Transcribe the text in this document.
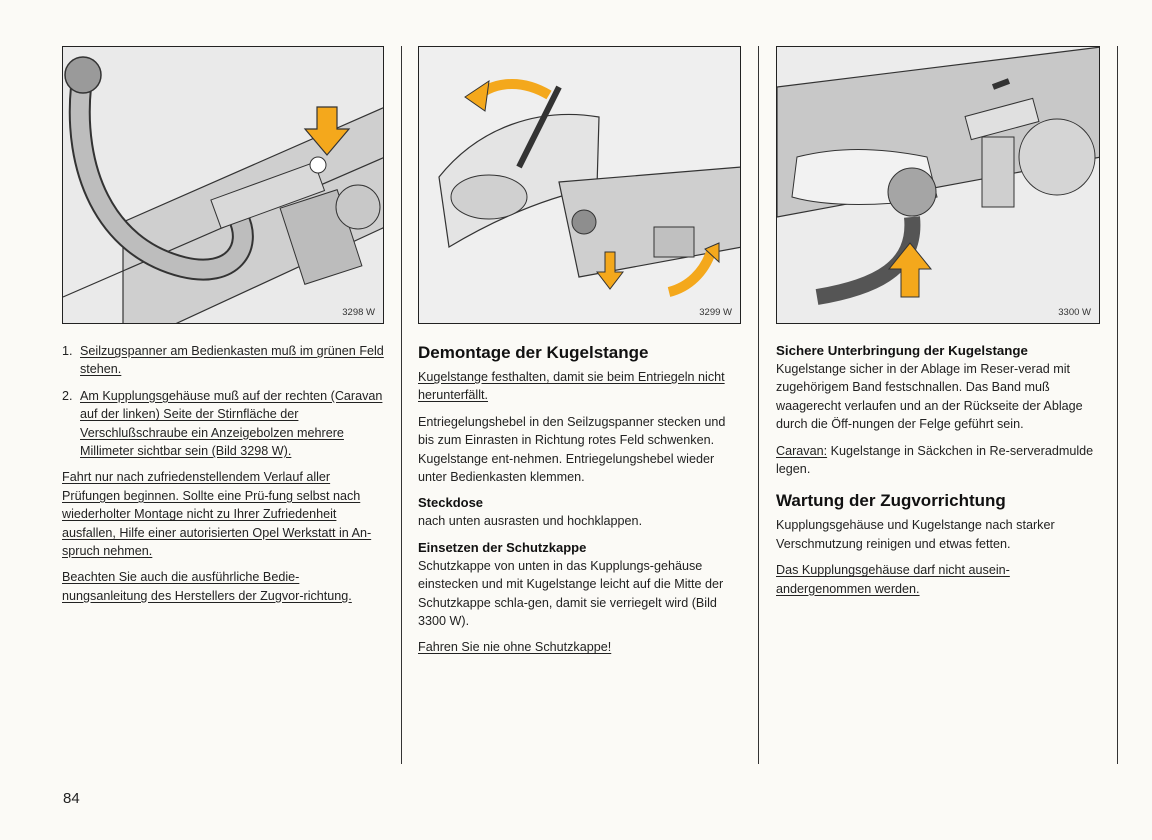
3298 W	3299 W	3300 W
1. Seilzugspanner am Bedienkasten muß im grünen Feld stehen.
2. Am Kupplungsgehäuse muß auf der rechten (Caravan auf der linken) Seite der Stirnfläche der Verschlußschraube ein Anzeigebolzen mehrere Millimeter sichtbar sein (Bild 3298 W).

Fahrt nur nach zufriedenstellendem Verlauf aller Prüfungen beginnen. Sollte eine Prü-fung selbst nach wiederholter Montage nicht zu Ihrer Zufriedenheit ausfallen, Hilfe einer autorisierten Opel Werkstatt in An-spruch nehmen.

Beachten Sie auch die ausführliche Bedie-nungsanleitung des Herstellers der Zugvor-richtung.

Demontage der Kugelstange

Kugelstange festhalten, damit sie beim Entriegeln nicht herunterfällt.

Entriegelungshebel in den Seilzugspanner stecken und bis zum Einrasten in Richtung rotes Feld schwenken. Kugelstange ent-nehmen. Entriegelungshebel wieder unter Bedienkasten klemmen.

Steckdose

nach unten ausrasten und hochklappen.

Einsetzen der Schutzkappe

Schutzkappe von unten in das Kupplungs-gehäuse einstecken und mit Kugelstange leicht auf die Mitte der Schutzkappe schla-gen, damit sie verriegelt wird (Bild 3300 W).

Fahren Sie nie ohne Schutzkappe!

Sichere Unterbringung der Kugelstange

Kugelstange sicher in der Ablage im Reser-verad mit zugehörigem Band festschnallen. Das Band muß waagerecht verlaufen und an der Rückseite der Ablage durch die Öff-nungen der Felge geführt sein.

Caravan: Kugelstange in Säckchen in Re-serveradmulde legen.

Wartung der Zugvorrichtung

Kupplungsgehäuse und Kugelstange nach starker Verschmutzung reinigen und etwas fetten.

Das Kupplungsgehäuse darf nicht ausein-andergenommen werden.

84
